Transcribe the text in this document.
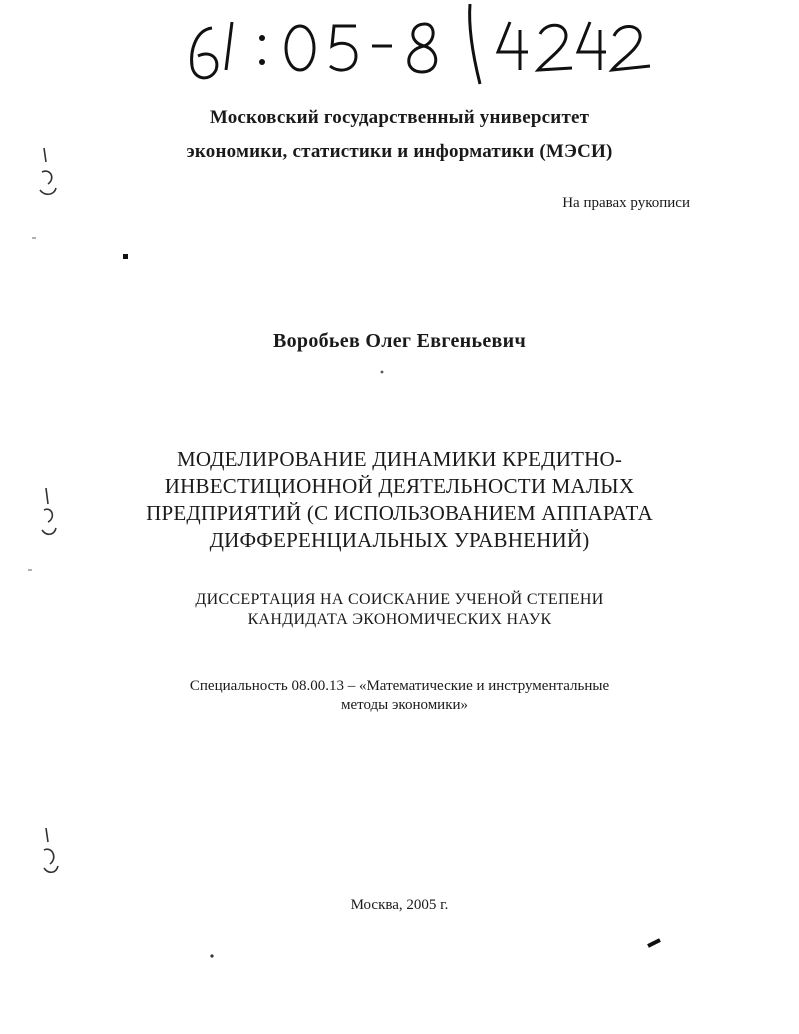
Московский государственный университет
экономики, статистики и информатики (МЭСИ)
На правах рукописи
Воробьев Олег Евгеньевич
МОДЕЛИРОВАНИЕ ДИНАМИКИ КРЕДИТНО-
ИНВЕСТИЦИОННОЙ ДЕЯТЕЛЬНОСТИ МАЛЫХ
ПРЕДПРИЯТИЙ (С ИСПОЛЬЗОВАНИЕМ АППАРАТА
ДИФФЕРЕНЦИАЛЬНЫХ УРАВНЕНИЙ)
ДИССЕРТАЦИЯ НА СОИСКАНИЕ УЧЕНОЙ СТЕПЕНИ
КАНДИДАТА ЭКОНОМИЧЕСКИХ НАУК
Специальность 08.00.13 – «Математические и инструментальные
методы экономики»
Москва, 2005 г.
